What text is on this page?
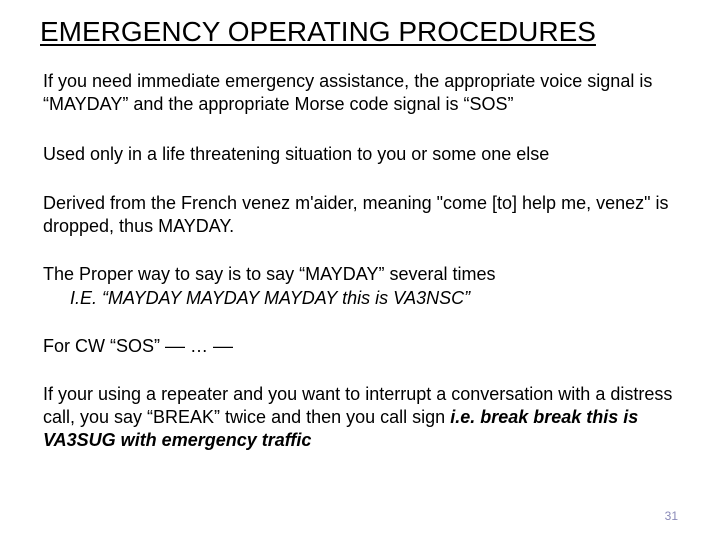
EMERGENCY OPERATING PROCEDURES

If you need immediate emergency assistance, the appropriate voice signal is “MAYDAY” and the appropriate Morse code signal is “SOS”

Used only in a life threatening situation to you or some one else

Derived from the French venez m'aider, meaning "come [to] help me, venez" is dropped, thus MAYDAY.

The Proper way to say is to say “MAYDAY” several times

I.E. “MAYDAY MAYDAY MAYDAY this is VA3NSC”

For CW “SOS” –– … ––

If your using a repeater and you want to interrupt a conversation with a distress call, you say “BREAK” twice and then you call sign i.e. break break this is VA3SUG with emergency traffic

31
